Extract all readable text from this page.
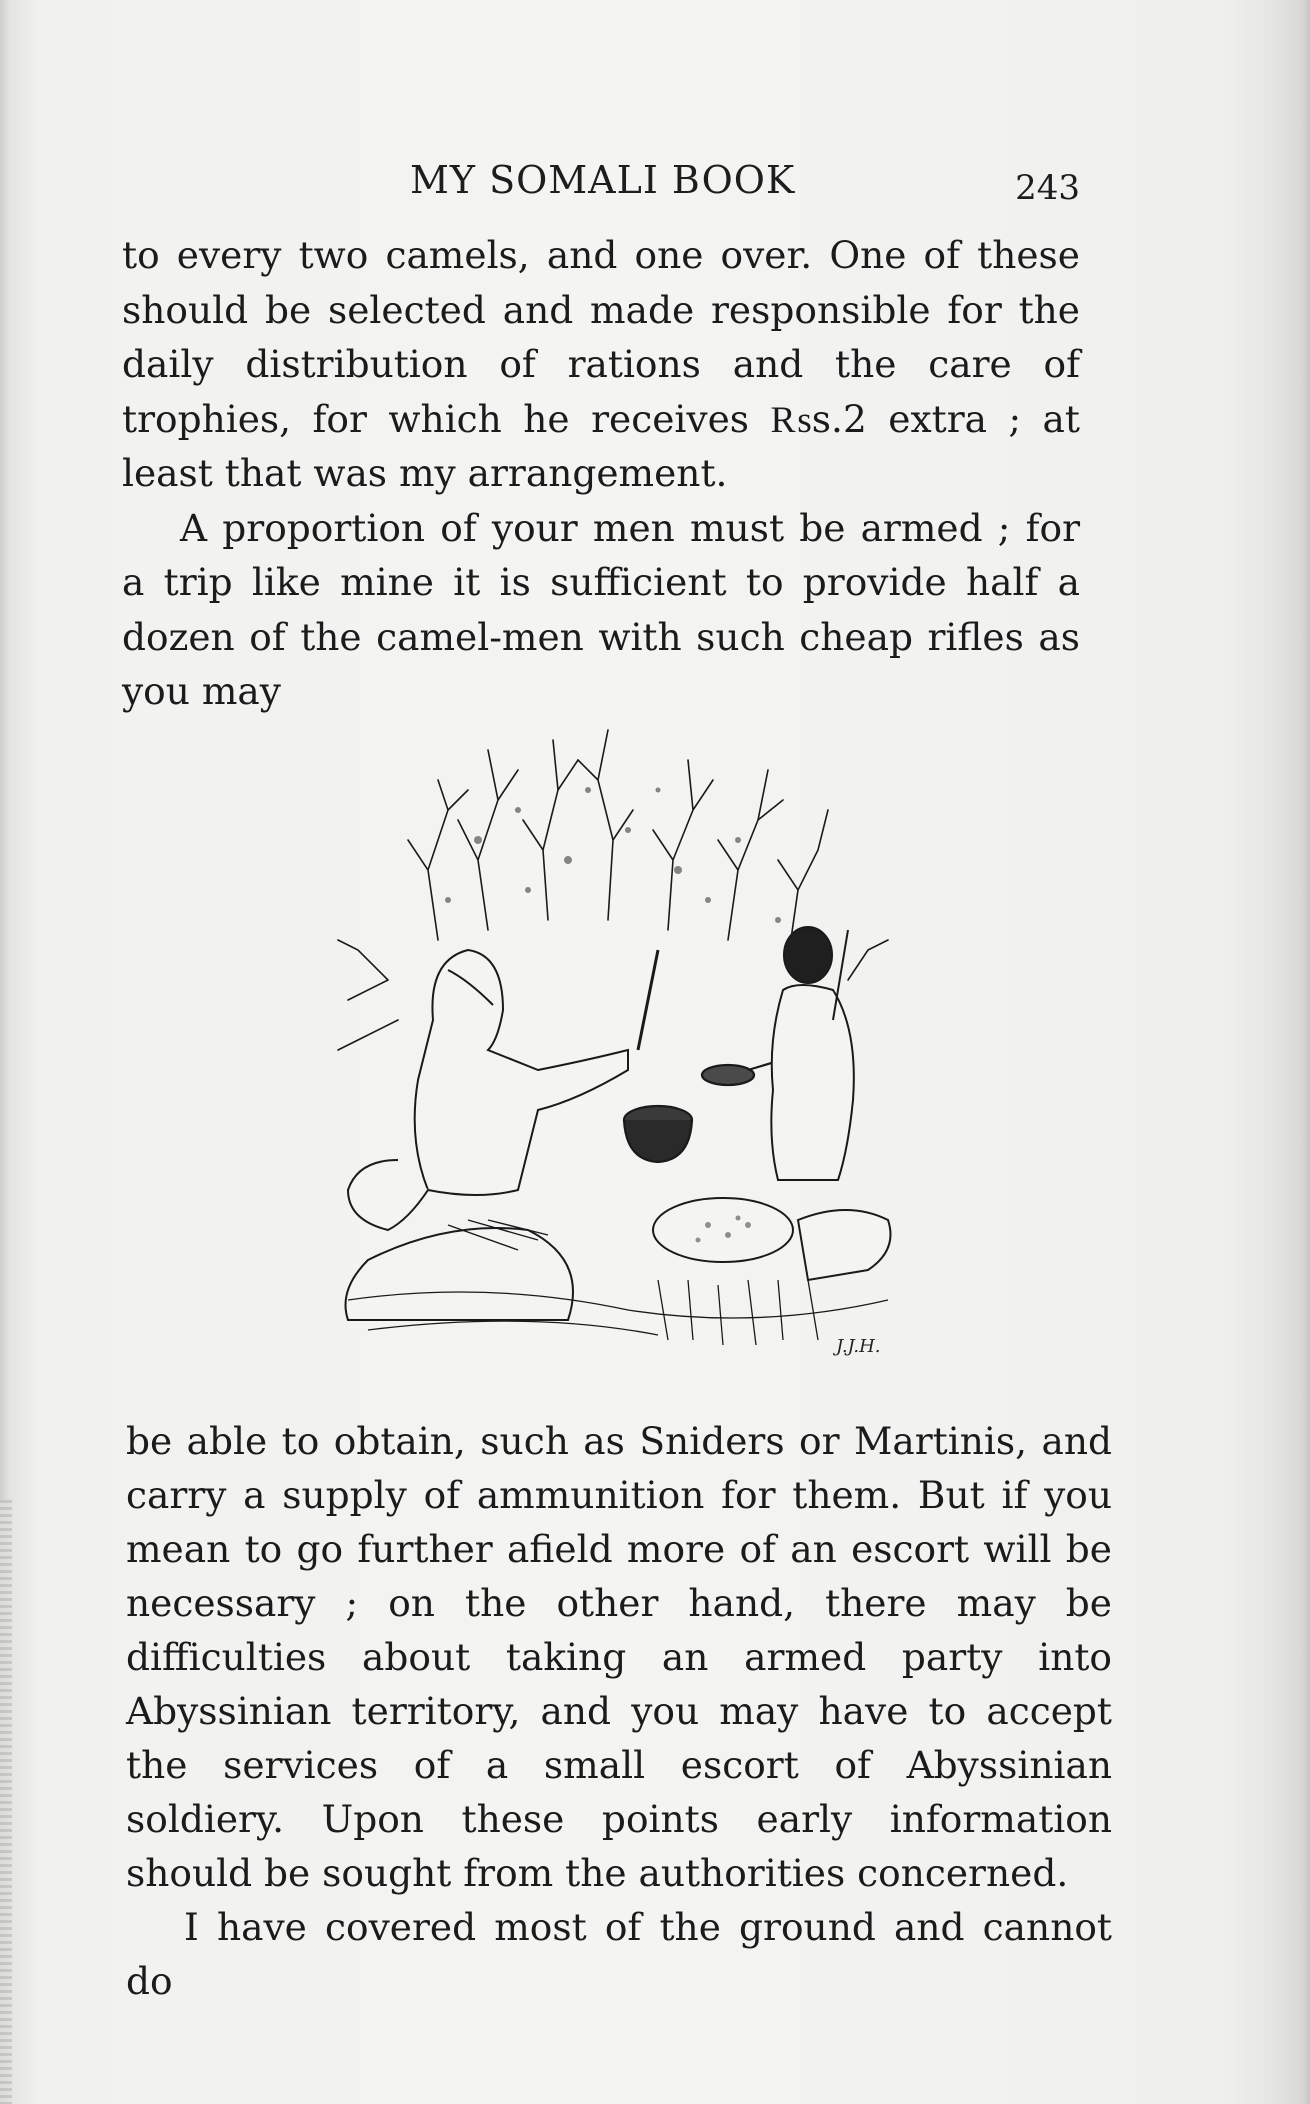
MY SOMALI BOOK	243

to every two camels, and one over. One of these should be selected and made responsible for the daily distribution of rations and the care of trophies, for which he receives ₨s.2 extra ; at least that was my arrangement.

A proportion of your men must be armed ; for a trip like mine it is sufficient to provide half a dozen of the camel-men with such cheap rifles as you may

J.J.H.

be able to obtain, such as Sniders or Martinis, and carry a supply of ammunition for them. But if you mean to go further afield more of an escort will be necessary ; on the other hand, there may be difficulties about taking an armed party into Abyssinian territory, and you may have to accept the services of a small escort of Abyssinian soldiery. Upon these points early information should be sought from the authorities concerned.

I have covered most of the ground and cannot do
